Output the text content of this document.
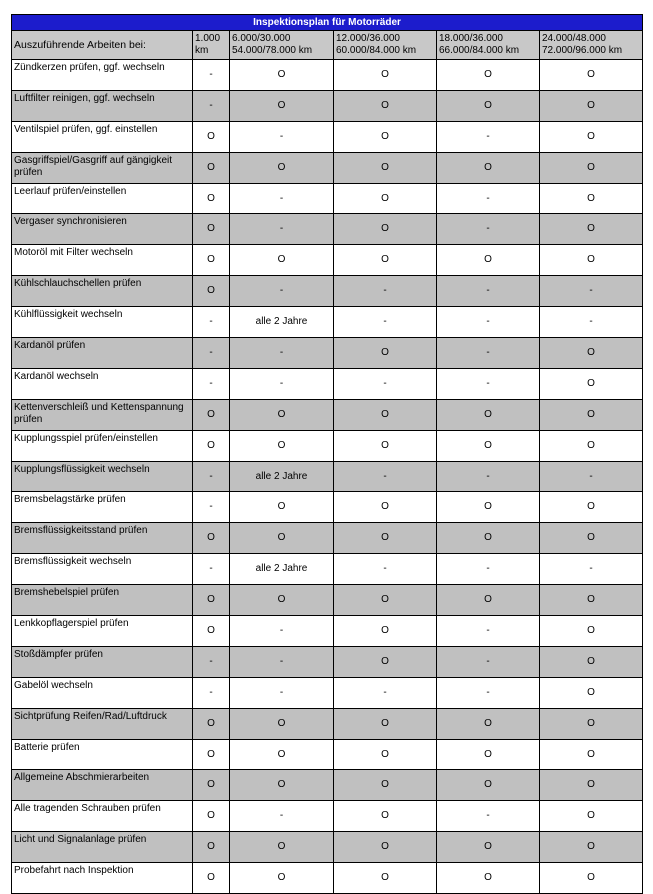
Inspektionsplan für Motorräder					
Auszuführende Arbeiten bei:	1.000 km	6.000/30.000 54.000/78.000 km	12.000/36.000 60.000/84.000 km	18.000/36.000 66.000/84.000 km	24.000/48.000 72.000/96.000 km
Zündkerzen prüfen, ggf. wechseln	-	O	O	O	O
Luftfilter reinigen, ggf. wechseln	-	O	O	O	O
Ventilspiel prüfen, ggf. einstellen	O	-	O	-	O
Gasgriffspiel/Gasgriff auf gängigkeit prüfen	O	O	O	O	O
Leerlauf prüfen/einstellen	O	-	O	-	O
Vergaser synchronisieren	O	-	O	-	O
Motoröl mit Filter wechseln	O	O	O	O	O
Kühlschlauchschellen prüfen	O	-	-	-	-
Kühlflüssigkeit wechseln	-	alle 2 Jahre	-	-	-
Kardanöl prüfen	-	-	O	-	O
Kardanöl wechseln	-	-	-	-	O
Kettenverschleiß und Kettenspannung prüfen	O	O	O	O	O
Kupplungsspiel prüfen/einstellen	O	O	O	O	O
Kupplungsflüssigkeit wechseln	-	alle 2 Jahre	-	-	-
Bremsbelagstärke prüfen	-	O	O	O	O
Bremsflüssigkeitsstand prüfen	O	O	O	O	O
Bremsflüssigkeit wechseln	-	alle 2 Jahre	-	-	-
Bremshebelspiel prüfen	O	O	O	O	O
Lenkkopflagerspiel prüfen	O	-	O	-	O
Stoßdämpfer prüfen	-	-	O	-	O
Gabelöl wechseln	-	-	-	-	O
Sichtprüfung Reifen/Rad/Luftdruck	O	O	O	O	O
Batterie prüfen	O	O	O	O	O
Allgemeine Abschmierarbeiten	O	O	O	O	O
Alle tragenden Schrauben prüfen	O	-	O	-	O
Licht und Signalanlage prüfen	O	O	O	O	O
Probefahrt nach Inspektion	O	O	O	O	O
